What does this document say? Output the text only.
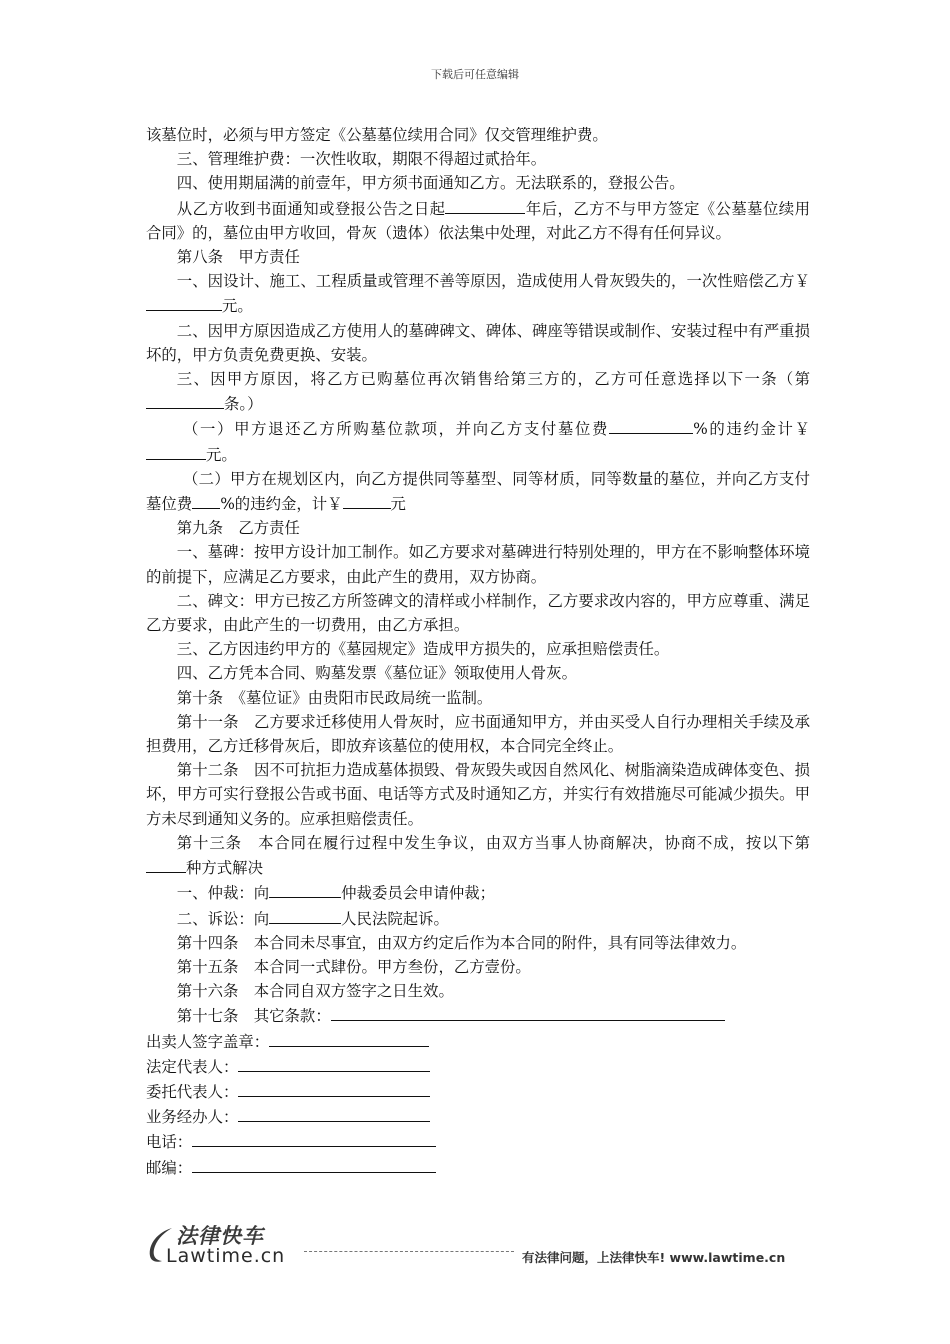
下载后可任意编辑

该墓位时，必须与甲方签定《公墓墓位续用合同》仅交管理维护费。

三、管理维护费：一次性收取，期限不得超过贰拾年。

四、使用期届满的前壹年，甲方须书面通知乙方。无法联系的，登报公告。

从乙方收到书面通知或登报公告之日起	年后，乙方不与甲方签定《公墓墓位续用合同》的，墓位由甲方收回，骨灰（遗体）依法集中处理，对此乙方不得有任何异议。

第八条　甲方责任

一、因设计、施工、工程质量或管理不善等原因，造成使用人骨灰毁失的，一次性赔偿乙方￥元。

二、因甲方原因造成乙方使用人的墓碑碑文、碑体、碑座等错误或制作、安装过程中有严重损坏的，甲方负责免费更换、安装。

三、因甲方原因，将乙方已购墓位再次销售给第三方的，乙方可任意选择以下一条（第条。）

（一）甲方退还乙方所购墓位款项，并向乙方支付墓位费	%的违约金计￥元。

（二）甲方在规划区内，向乙方提供同等墓型、同等材质，同等数量的墓位，并向乙方支付墓位费 %的违约金，计￥	元

第九条　乙方责任

一、墓碑：按甲方设计加工制作。如乙方要求对墓碑进行特别处理的，甲方在不影响整体环境的前提下，应满足乙方要求，由此产生的费用，双方协商。

二、碑文：甲方已按乙方所签碑文的清样或小样制作，乙方要求改内容的，甲方应尊重、满足乙方要求，由此产生的一切费用，由乙方承担。

三、乙方因违约甲方的《墓园规定》造成甲方损失的，应承担赔偿责任。

四、乙方凭本合同、购墓发票《墓位证》领取使用人骨灰。

第十条　《墓位证》由贵阳市民政局统一监制。

第十一条　乙方要求迁移使用人骨灰时，应书面通知甲方，并由买受人自行办理相关手续及承担费用，乙方迁移骨灰后，即放弃该墓位的使用权，本合同完全终止。

第十二条　因不可抗拒力造成墓体损毁、骨灰毁失或因自然风化、树脂滴染造成碑体变色、损坏，甲方可实行登报公告或书面、电话等方式及时通知乙方，并实行有效措施尽可能减少损失。甲方未尽到通知义务的。应承担赔偿责任。

第十三条　本合同在履行过程中发生争议，由双方当事人协商解决，协商不成，按以下第种方式解决

一、仲裁：向	仲裁委员会申请仲裁；

二、诉讼：向	人民法院起诉。

第十四条　本合同未尽事宜，由双方约定后作为本合同的附件，具有同等法律效力。

第十五条　本合同一式肆份。甲方叁份，乙方壹份。

第十六条　本合同自双方签字之日生效。

第十七条　其它条款：

出卖人签字盖章：

法定代表人：

委托代表人：

业务经办人：

电话：

邮编：

法律快车
Lawtime.cn	有法律问题，上法律快车! www.lawtime.cn
